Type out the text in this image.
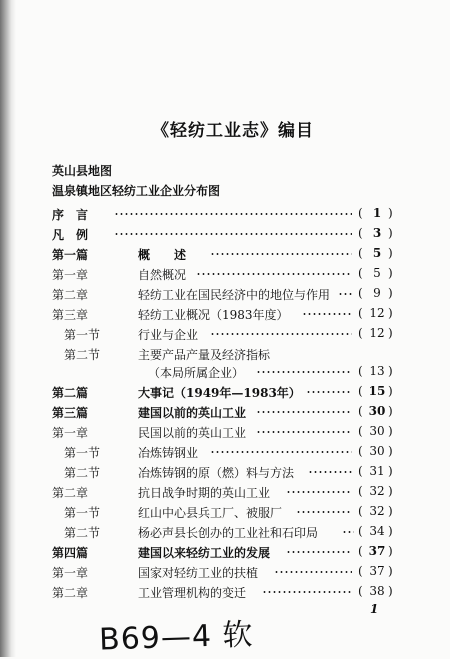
《轻纺工业志》编目
英山县地图
温泉镇地区轻纺工业企业分布图
序　言	( 1 )
凡　例	( 3 )
第一篇	概　　述	( 5 )
第一章	自然概况	( 5 )
第二章	轻纺工业在国民经济中的地位与作用 ( 9 )
第三章	轻纺工业概况（1983年度）	( 12 )
第一节	行业与企业	( 12 )
第二节	主要产品产量及经济指标
（本局所属企业）	( 13 )
第二篇	大事记（1949年—1983年）	( 15 )
第三篇	建国以前的英山工业	( 30 )
第一章	民国以前的英山工业	( 30 )
第一节	冶炼铸钢业	( 30 )
第二节	冶炼铸钢的原（燃）料与方法	( 31 )
第二章	抗日战争时期的英山工业	( 32 )
第一节	红山中心县兵工厂、被服厂	( 32 )
第二节	杨必声县长创办的工业社和石印局	( 34 )
第四篇	建国以来轻纺工业的发展	( 37 )
第一章	国家对轻纺工业的扶植	( 37 )
第二章	工业管理机构的变迁	( 38 )
1
B69—4 软
